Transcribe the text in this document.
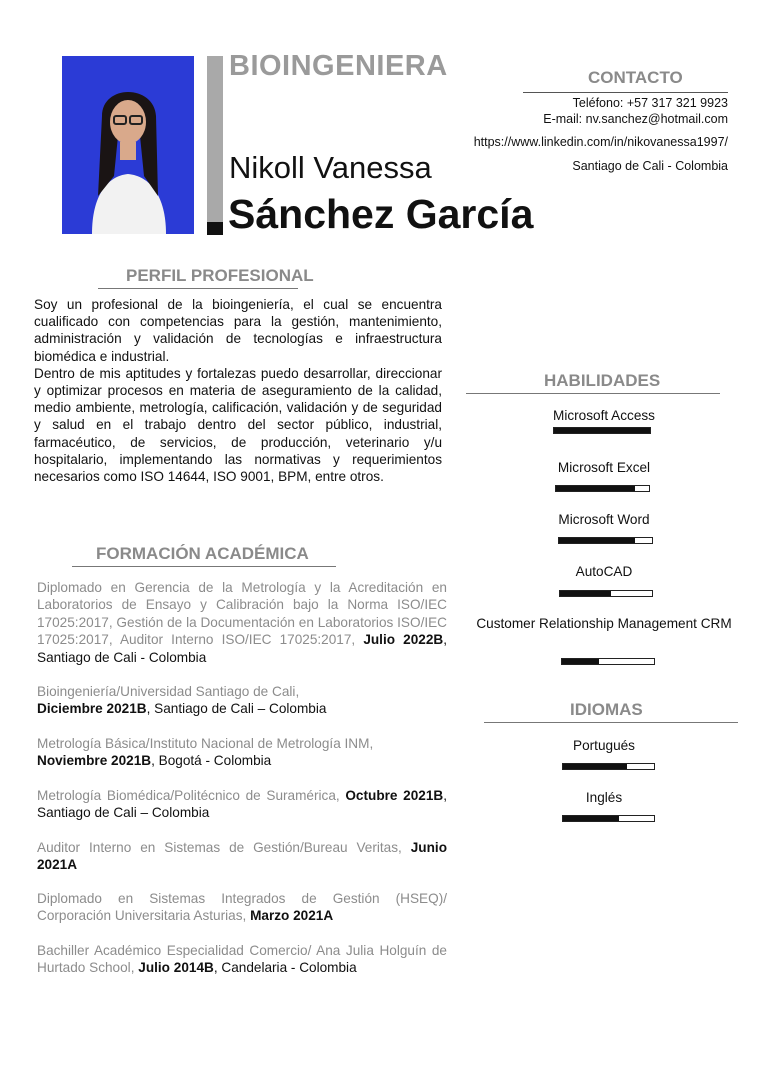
BIOINGENIERA
Nikoll Vanessa
Sánchez García
CONTACTO
Teléfono: +57 317 321 9923
E-mail: nv.sanchez@hotmail.com
https://www.linkedin.com/in/nikovanessa1997/
Santiago de Cali - Colombia
PERFIL PROFESIONAL

Soy un profesional de la bioingeniería, el cual se encuentra cualificado con competencias para la gestión, mantenimiento, administración y validación de tecnologías e infraestructura biomédica e industrial.

Dentro de mis aptitudes y fortalezas puedo desarrollar, direccionar y optimizar procesos en materia de aseguramiento de la calidad, medio ambiente, metrología, calificación, validación y de seguridad y salud en el trabajo dentro del sector público, industrial, farmacéutico, de servicios, de producción, veterinario y/u hospitalario, implementando las normativas y requerimientos necesarios como ISO 14644, ISO 9001, BPM, entre otros.

FORMACIÓN ACADÉMICA
Diplomado en Gerencia de la Metrología y la Acreditación en Laboratorios de Ensayo y Calibración bajo la Norma ISO/IEC 17025:2017, Gestión de la Documentación en Laboratorios ISO/IEC 17025:2017, Auditor Interno ISO/IEC 17025:2017, Julio 2022B, Santiago de Cali - Colombia
Bioingeniería/Universidad Santiago de Cali,
Diciembre 2021B, Santiago de Cali – Colombia
Metrología Básica/Instituto Nacional de Metrología INM,
Noviembre 2021B, Bogotá - Colombia
Metrología Biomédica/Politécnico de Suramérica, Octubre 2021B, Santiago de Cali – Colombia
Auditor Interno en Sistemas de Gestión/Bureau Veritas, Junio 2021A
Diplomado en Sistemas Integrados de Gestión (HSEQ)/ Corporación Universitaria Asturias, Marzo 2021A
Bachiller Académico Especialidad Comercio/ Ana Julia Holguín de Hurtado School, Julio 2014B, Candelaria - Colombia
HABILIDADES
Microsoft Access
Microsoft Excel
Microsoft Word
AutoCAD
Customer Relationship Management CRM
IDIOMAS
Portugués
Inglés
